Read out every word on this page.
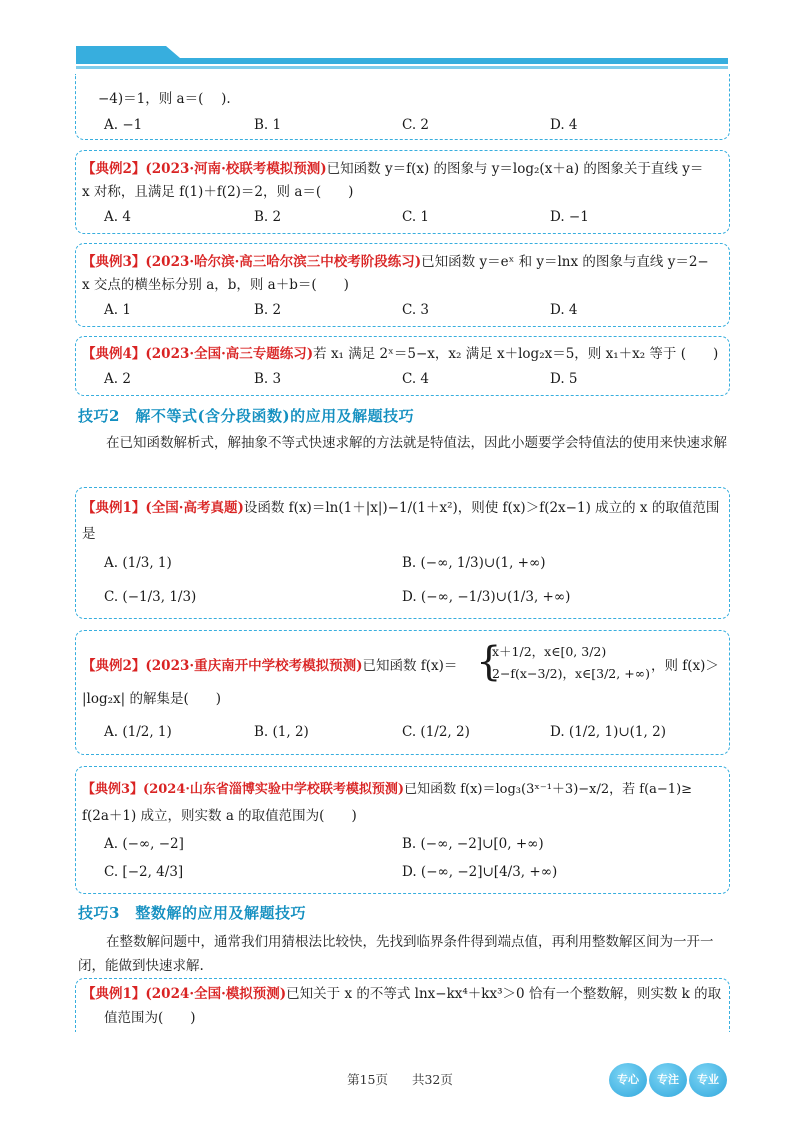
−4)＝1，则 a＝(　 ).
A. −1	B. 1	C. 2	D. 4
【典例2】(2023·河南·校联考模拟预测)已知函数 y＝f(x) 的图象与 y＝log₂(x＋a) 的图象关于直线 y＝
x 对称，且满足 f(1)＋f(2)＝2，则 a＝(　　)
A. 4	B. 2	C. 1	D. −1
【典例3】(2023·哈尔滨·高三哈尔滨三中校考阶段练习)已知函数 y＝eˣ 和 y＝lnx 的图象与直线 y＝2−
x 交点的横坐标分别 a，b，则 a＋b＝(　　)
A. 1	B. 2	C. 3	D. 4
【典例4】(2023·全国·高三专题练习)若 x₁ 满足 2ˣ＝5−x，x₂ 满足 x＋log₂x＝5，则 x₁＋x₂ 等于 (　　)
A. 2	B. 3	C. 4	D. 5
技巧2　解不等式(含分段函数)的应用及解题技巧
在已知函数解析式，解抽象不等式快速求解的方法就是特值法，因此小题要学会特值法的使用来快速求解
【典例1】(全国·高考真题)设函数 f(x)＝ln(1＋|x|)−1/(1＋x²)，则使 f(x)＞f(2x−1) 成立的 x 的取值范围
是
A. (1/3, 1)	B. (−∞, 1/3)∪(1, +∞)
C. (−1/3, 1/3)	D. (−∞, −1/3)∪(1/3, +∞)
【典例2】(2023·重庆南开中学校考模拟预测)已知函数 f(x)＝ {
x＋1/2，x∈[0, 3/2)
2−f(x−3/2)，x∈[3/2, +∞) ，则 f(x)＞
|log₂x| 的解集是(　　)
A. (1/2, 1)	B. (1, 2)	C. (1/2, 2)	D. (1/2, 1)∪(1, 2)
【典例3】(2024·山东省淄博实验中学校联考模拟预测)已知函数 f(x)＝log₃(3ˣ⁻¹＋3)−x/2，若 f(a−1)≥
f(2a＋1) 成立，则实数 a 的取值范围为(　　)
A. (−∞, −2]	B. (−∞, −2]∪[0, +∞)
C. [−2, 4/3]	D. (−∞, −2]∪[4/3, +∞)
技巧3　整数解的应用及解题技巧
在整数解问题中，通常我们用猜根法比较快，先找到临界条件得到端点值，再利用整数解区间为一开一闭，能做到快速求解.
【典例1】(2024·全国·模拟预测)已知关于 x 的不等式 lnx−kx⁴＋kx³＞0 恰有一个整数解，则实数 k 的取
值范围为(　　)
第15页 共32页	专心	专注	专业
